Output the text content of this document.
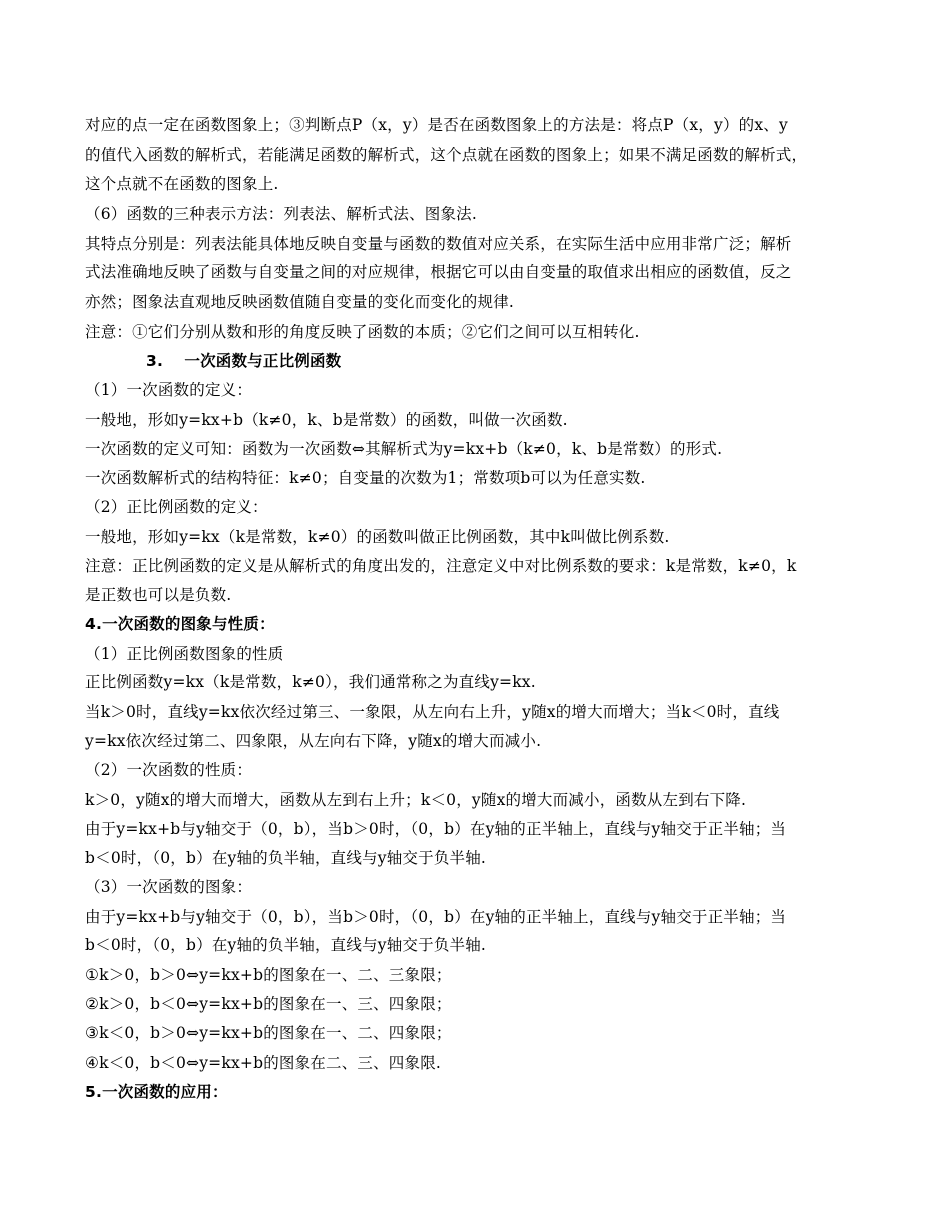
对应的点一定在函数图象上；③判断点P（x，y）是否在函数图象上的方法是：将点P（x，y）的x、y
的值代入函数的解析式，若能满足函数的解析式，这个点就在函数的图象上；如果不满足函数的解析式，
这个点就不在函数的图象上.
（6）函数的三种表示方法：列表法、解析式法、图象法.
其特点分别是：列表法能具体地反映自变量与函数的数值对应关系，在实际生活中应用非常广泛；解析
式法准确地反映了函数与自变量之间的对应规律，根据它可以由自变量的取值求出相应的函数值，反之
亦然；图象法直观地反映函数值随自变量的变化而变化的规律.
注意：①它们分别从数和形的角度反映了函数的本质；②它们之间可以互相转化.
3.　 一次函数与正比例函数
（1）一次函数的定义：
一般地，形如y=kx+b（k≠0，k、b是常数）的函数，叫做一次函数.
一次函数的定义可知：函数为一次函数⇔其解析式为y=kx+b（k≠0，k、b是常数）的形式.
一次函数解析式的结构特征：k≠0；自变量的次数为1；常数项b可以为任意实数.
（2）正比例函数的定义：
一般地，形如y=kx（k是常数，k≠0）的函数叫做正比例函数，其中k叫做比例系数.
注意：正比例函数的定义是从解析式的角度出发的，注意定义中对比例系数的要求：k是常数，k≠0，k
是正数也可以是负数.
4.一次函数的图象与性质：
（1）正比例函数图象的性质
正比例函数y=kx（k是常数，k≠0），我们通常称之为直线y=kx.
当k＞0时，直线y=kx依次经过第三、一象限，从左向右上升，y随x的增大而增大；当k＜0时，直线
y=kx依次经过第二、四象限，从左向右下降，y随x的增大而减小.
（2）一次函数的性质：
k＞0，y随x的增大而增大，函数从左到右上升；k＜0，y随x的增大而减小，函数从左到右下降.
由于y=kx+b与y轴交于（0，b），当b＞0时，（0，b）在y轴的正半轴上，直线与y轴交于正半轴；当
b＜0时，（0，b）在y轴的负半轴，直线与y轴交于负半轴.
（3）一次函数的图象：
由于y=kx+b与y轴交于（0，b），当b＞0时，（0，b）在y轴的正半轴上，直线与y轴交于正半轴；当
b＜0时，（0，b）在y轴的负半轴，直线与y轴交于负半轴.
①k＞0，b＞0⇔y=kx+b的图象在一、二、三象限；
②k＞0，b＜0⇔y=kx+b的图象在一、三、四象限；
③k＜0，b＞0⇔y=kx+b的图象在一、二、四象限；
④k＜0，b＜0⇔y=kx+b的图象在二、三、四象限.
5.一次函数的应用：
